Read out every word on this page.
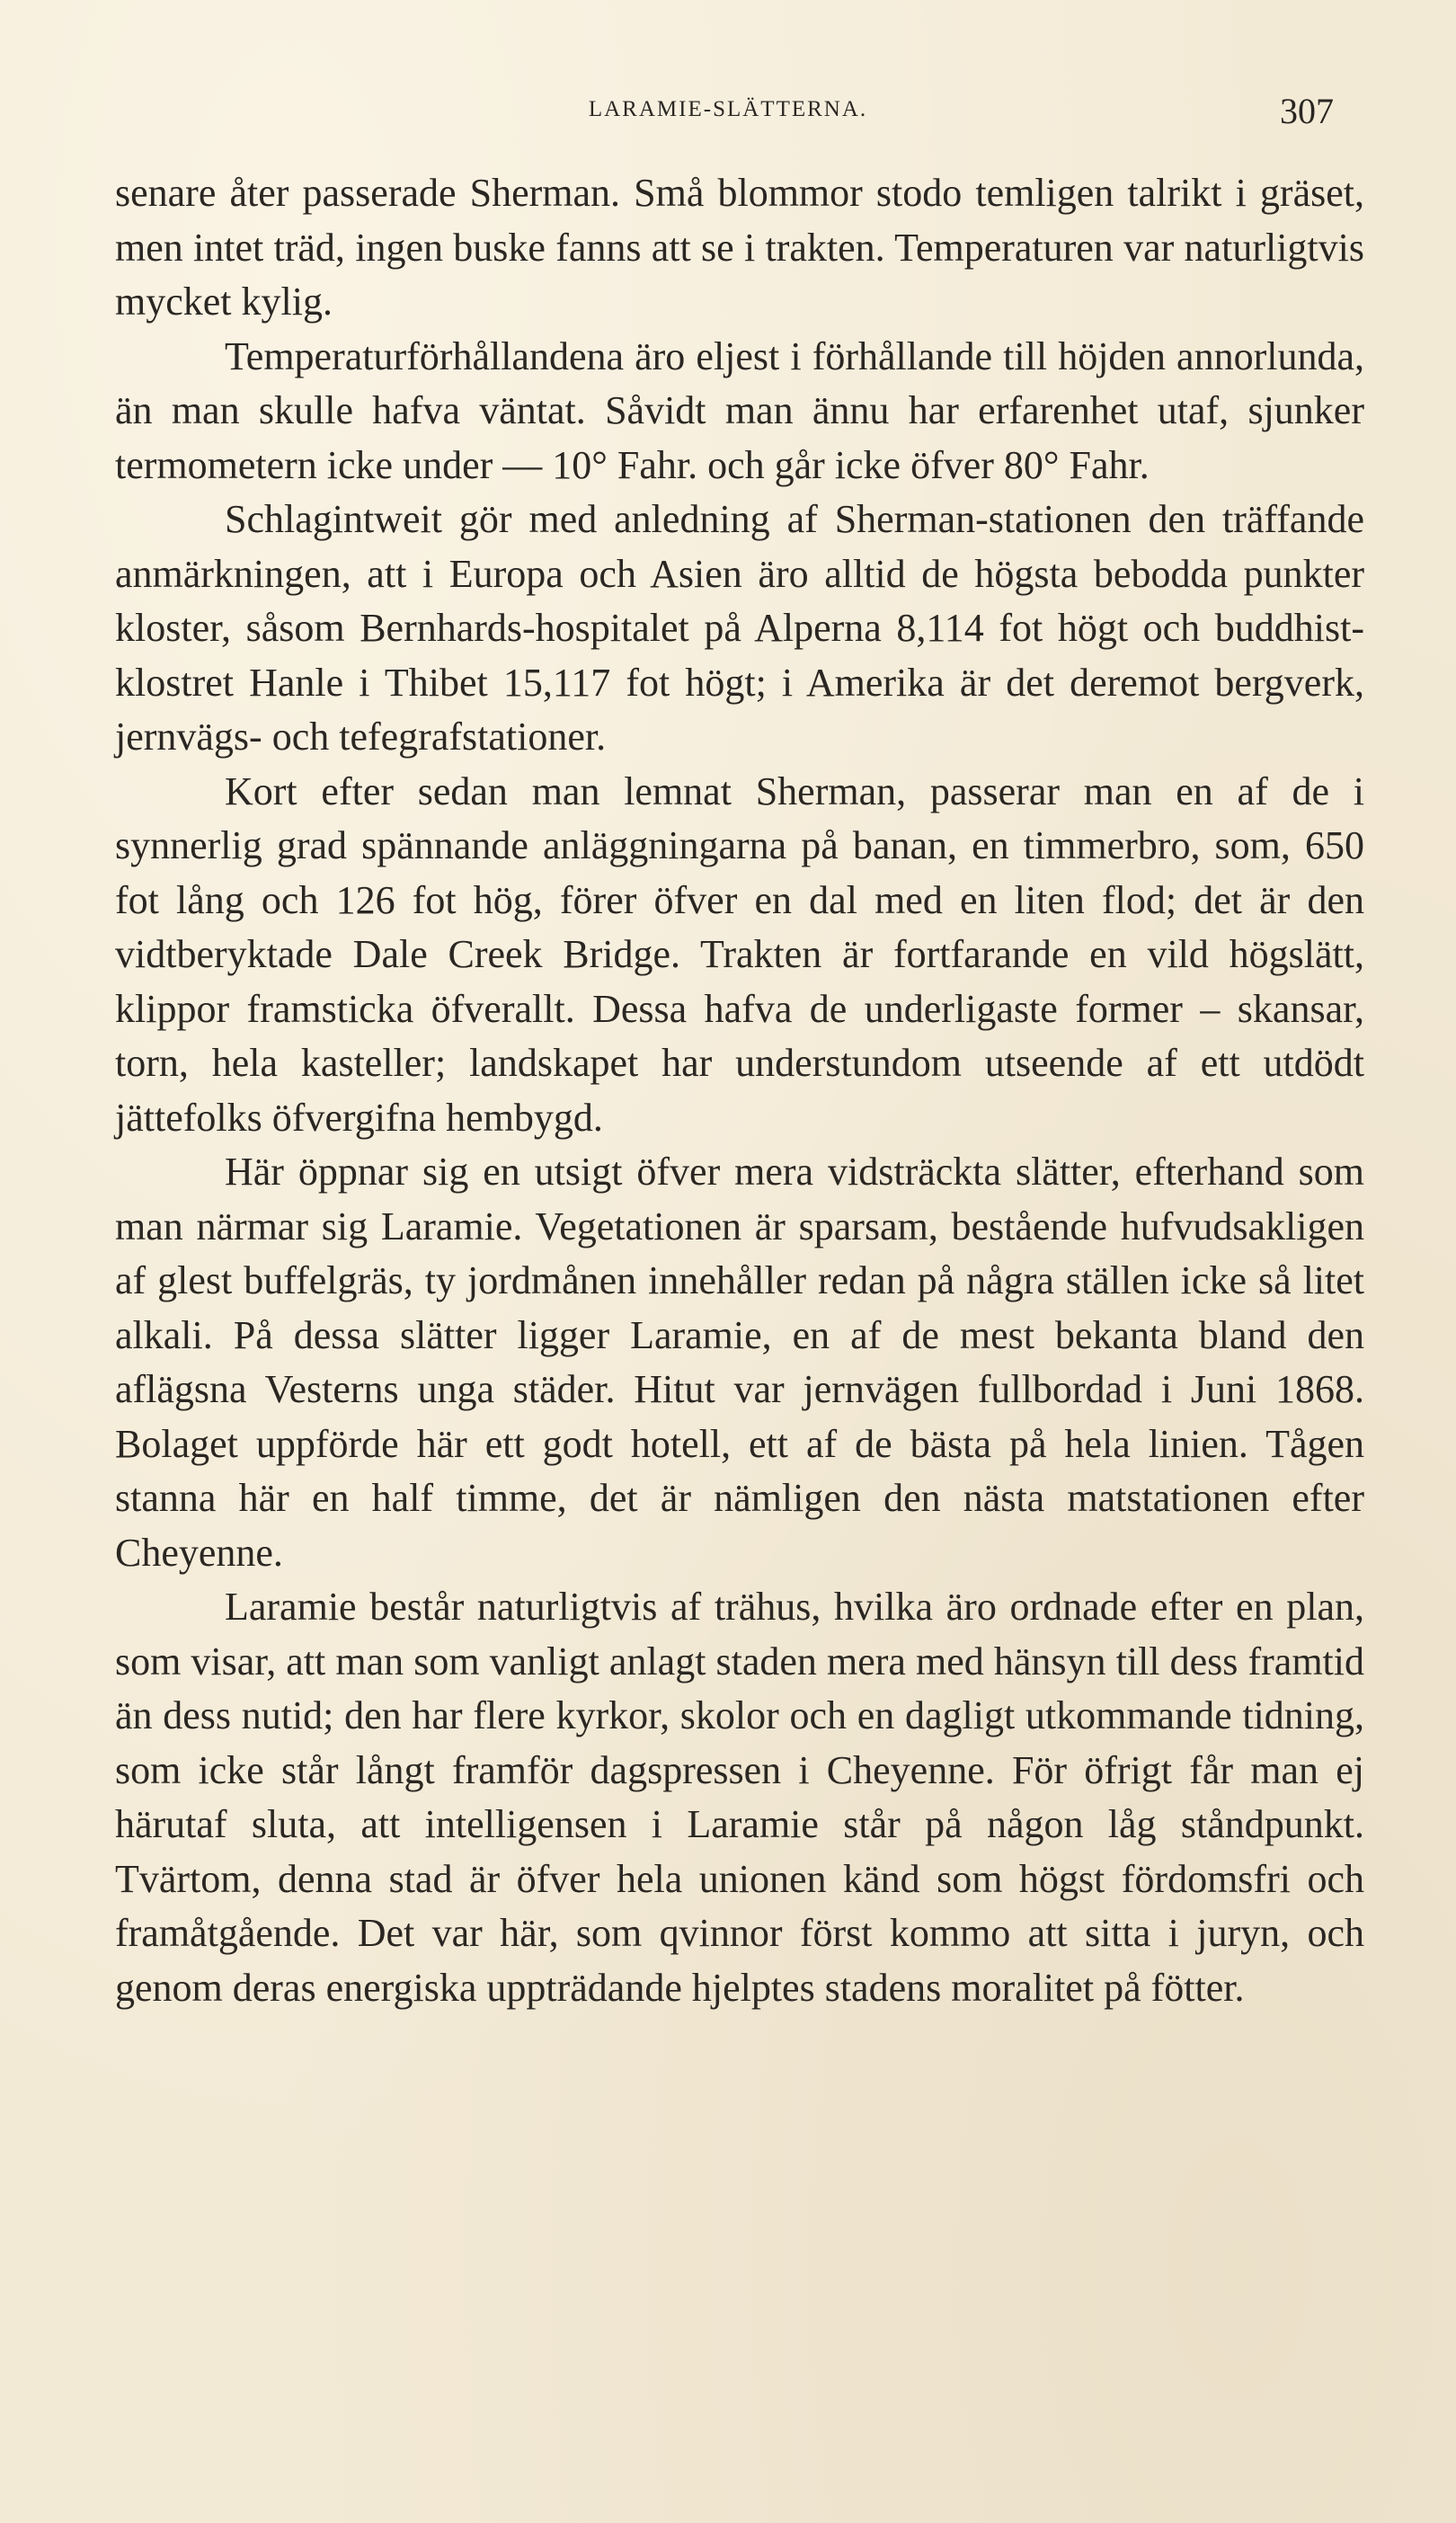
LARAMIE-SLÄTTERNA.	307

senare åter passerade Sherman. Små blommor stodo temligen talrikt i gräset, men intet träd, ingen buske fanns att se i trakten. Temperaturen var naturligtvis mycket kylig.

Temperaturförhållandena äro eljest i förhållande till höjden annorlunda, än man skulle hafva väntat. Såvidt man ännu har erfarenhet utaf, sjunker termometern icke under — 10° Fahr. och går icke öfver 80° Fahr.

Schlagintweit gör med anledning af Sherman-stationen den träffande anmärkningen, att i Europa och Asien äro alltid de högsta bebodda punkter kloster, såsom Bernhards-hospitalet på Alperna 8,114 fot högt och buddhist-klostret Hanle i Thibet 15,117 fot högt; i Amerika är det deremot bergverk, jernvägs- och tefegrafstationer.

Kort efter sedan man lemnat Sherman, passerar man en af de i synnerlig grad spännande anläggningarna på banan, en timmerbro, som, 650 fot lång och 126 fot hög, förer öfver en dal med en liten flod; det är den vidtberyktade Dale Creek Bridge. Trakten är fortfarande en vild högslätt, klippor framsticka öfverallt. Dessa hafva de underligaste former – skansar, torn, hela kasteller; landskapet har understundom utseende af ett utdödt jättefolks öfvergifna hembygd.

Här öppnar sig en utsigt öfver mera vidsträckta slätter, efterhand som man närmar sig Laramie. Vegetationen är sparsam, bestående hufvudsakligen af glest buffelgräs, ty jordmånen innehåller redan på några ställen icke så litet alkali. På dessa slätter ligger Laramie, en af de mest bekanta bland den aflägsna Vesterns unga städer. Hitut var jernvägen fullbordad i Juni 1868. Bolaget uppförde här ett godt hotell, ett af de bästa på hela linien. Tågen stanna här en half timme, det är nämligen den nästa matstationen efter Cheyenne.

Laramie består naturligtvis af trähus, hvilka äro ordnade efter en plan, som visar, att man som vanligt anlagt staden mera med hänsyn till dess framtid än dess nutid; den har flere kyrkor, skolor och en dagligt utkommande tidning, som icke står långt framför dagspressen i Cheyenne. För öfrigt får man ej härutaf sluta, att intelligensen i Laramie står på någon låg ståndpunkt. Tvärtom, denna stad är öfver hela unionen känd som högst fördomsfri och framåtgående. Det var här, som qvinnor först kommo att sitta i juryn, och genom deras energiska uppträdande hjelptes stadens moralitet på fötter.
